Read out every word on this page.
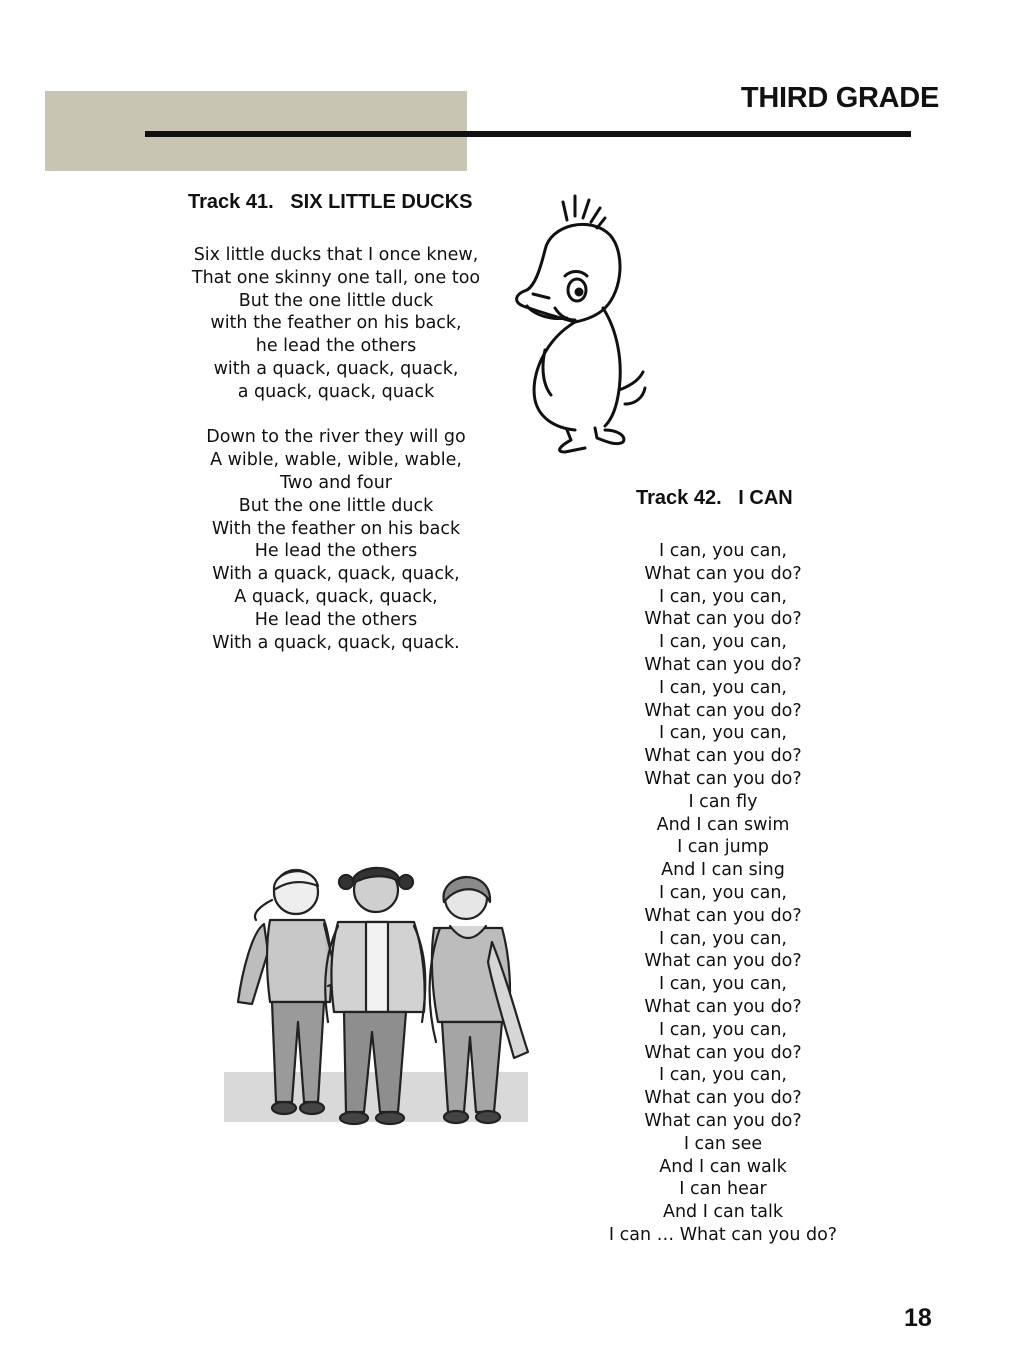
THIRD GRADE
Track 41.   SIX LITTLE DUCKS
Six little ducks that I once knew,
That one skinny one tall, one too
But the one little duck
with the feather on his back,
he lead the others
with a quack, quack, quack,
a quack, quack, quack
Down to the river they will go
A wible, wable, wible, wable,
Two and four
But the one little duck
With the feather on his back
He lead the others
With a quack, quack, quack,
A quack, quack, quack,
He lead the others
With a quack, quack, quack.
Track 42.   I CAN
I can, you can,
What can you do?
I can, you can,
What can you do?
I can, you can,
What can you do?
I can, you can,
What can you do?
I can, you can,
What can you do?
What can you do?
I can fly
And I can swim
I can jump
And I can sing
I can, you can,
What can you do?
I can, you can,
What can you do?
I can, you can,
What can you do?
I can, you can,
What can you do?
I can, you can,
What can you do?
What can you do?
I can see
And I can walk
I can hear
And I can talk
I can … What can you do?
18
